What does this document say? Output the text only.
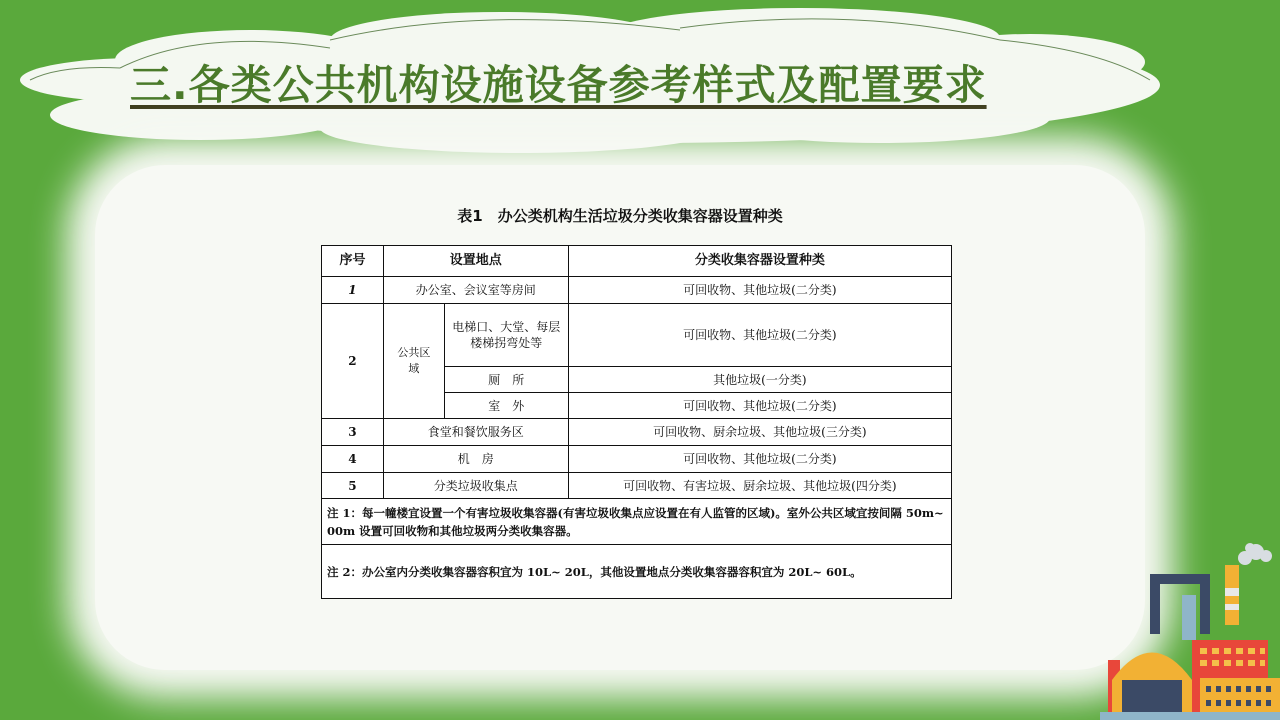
三.各类公共机构设施设备参考样式及配置要求
表1　办公类机构生活垃圾分类收集容器设置种类
序号	设置地点		分类收集容器设置种类
1	办公室、会议室等房间		可回收物、其他垃圾(二分类)
2	公共区域	电梯口、大堂、每层楼梯拐弯处等	可回收物、其他垃圾(二分类)
		厕　所	其他垃圾(一分类)
		室　外	可回收物、其他垃圾(二分类)
3	食堂和餐饮服务区		可回收物、厨余垃圾、其他垃圾(三分类)
4	机　房		可回收物、其他垃圾(二分类)
5	分类垃圾收集点		可回收物、有害垃圾、厨余垃圾、其他垃圾(四分类)
注 1：每一幢楼宜设置一个有害垃圾收集容器(有害垃圾收集点应设置在有人监管的区域)。室外公共区域宜按间隔 50m~ 00m 设置可回收物和其他垃圾两分类收集容器。			
注 2：办公室内分类收集容器容积宜为 10L~ 20L，其他设置地点分类收集容器容积宜为 20L~ 60L。			
